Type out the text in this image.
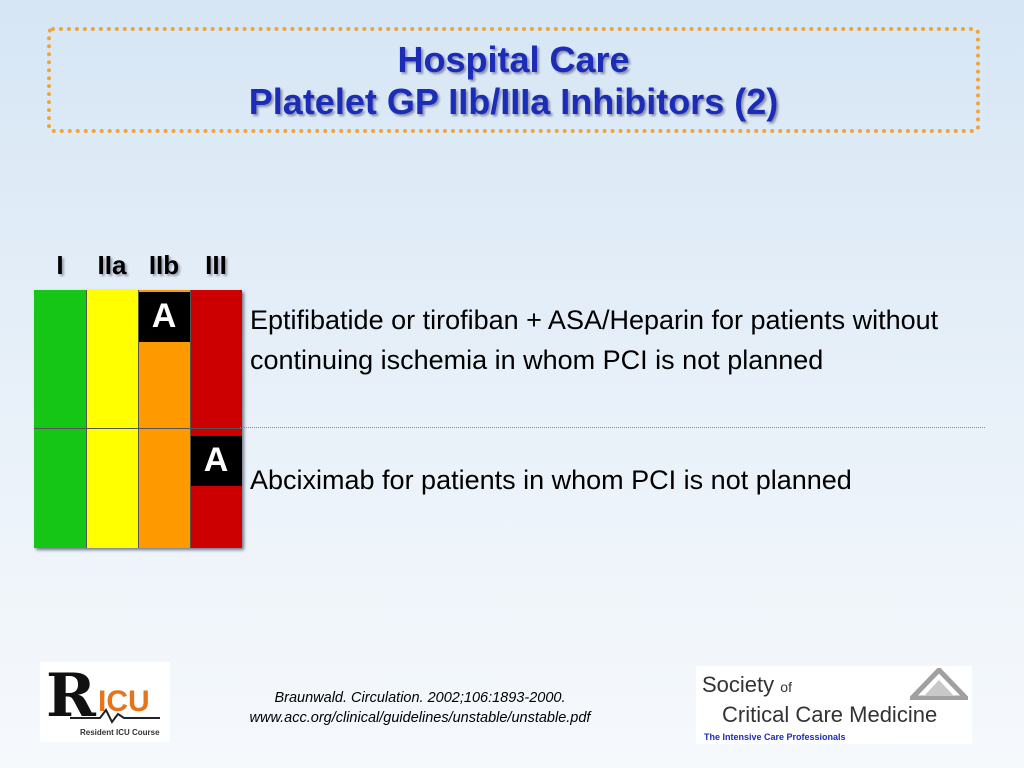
Hospital Care
Platelet GP IIb/IIIa Inhibitors (2)
I	IIa IIb III
A
A
Eptifibatide or tirofiban + ASA/Heparin for patients without continuing ischemia in whom PCI is not planned
Abciximab for patients in whom PCI is not planned
R ICU
Resident ICU Course
Braunwald. Circulation. 2002;106:1893-2000.
www.acc.org/clinical/guidelines/unstable/unstable.pdf
Society of
Critical Care Medicine
The Intensive Care Professionals
